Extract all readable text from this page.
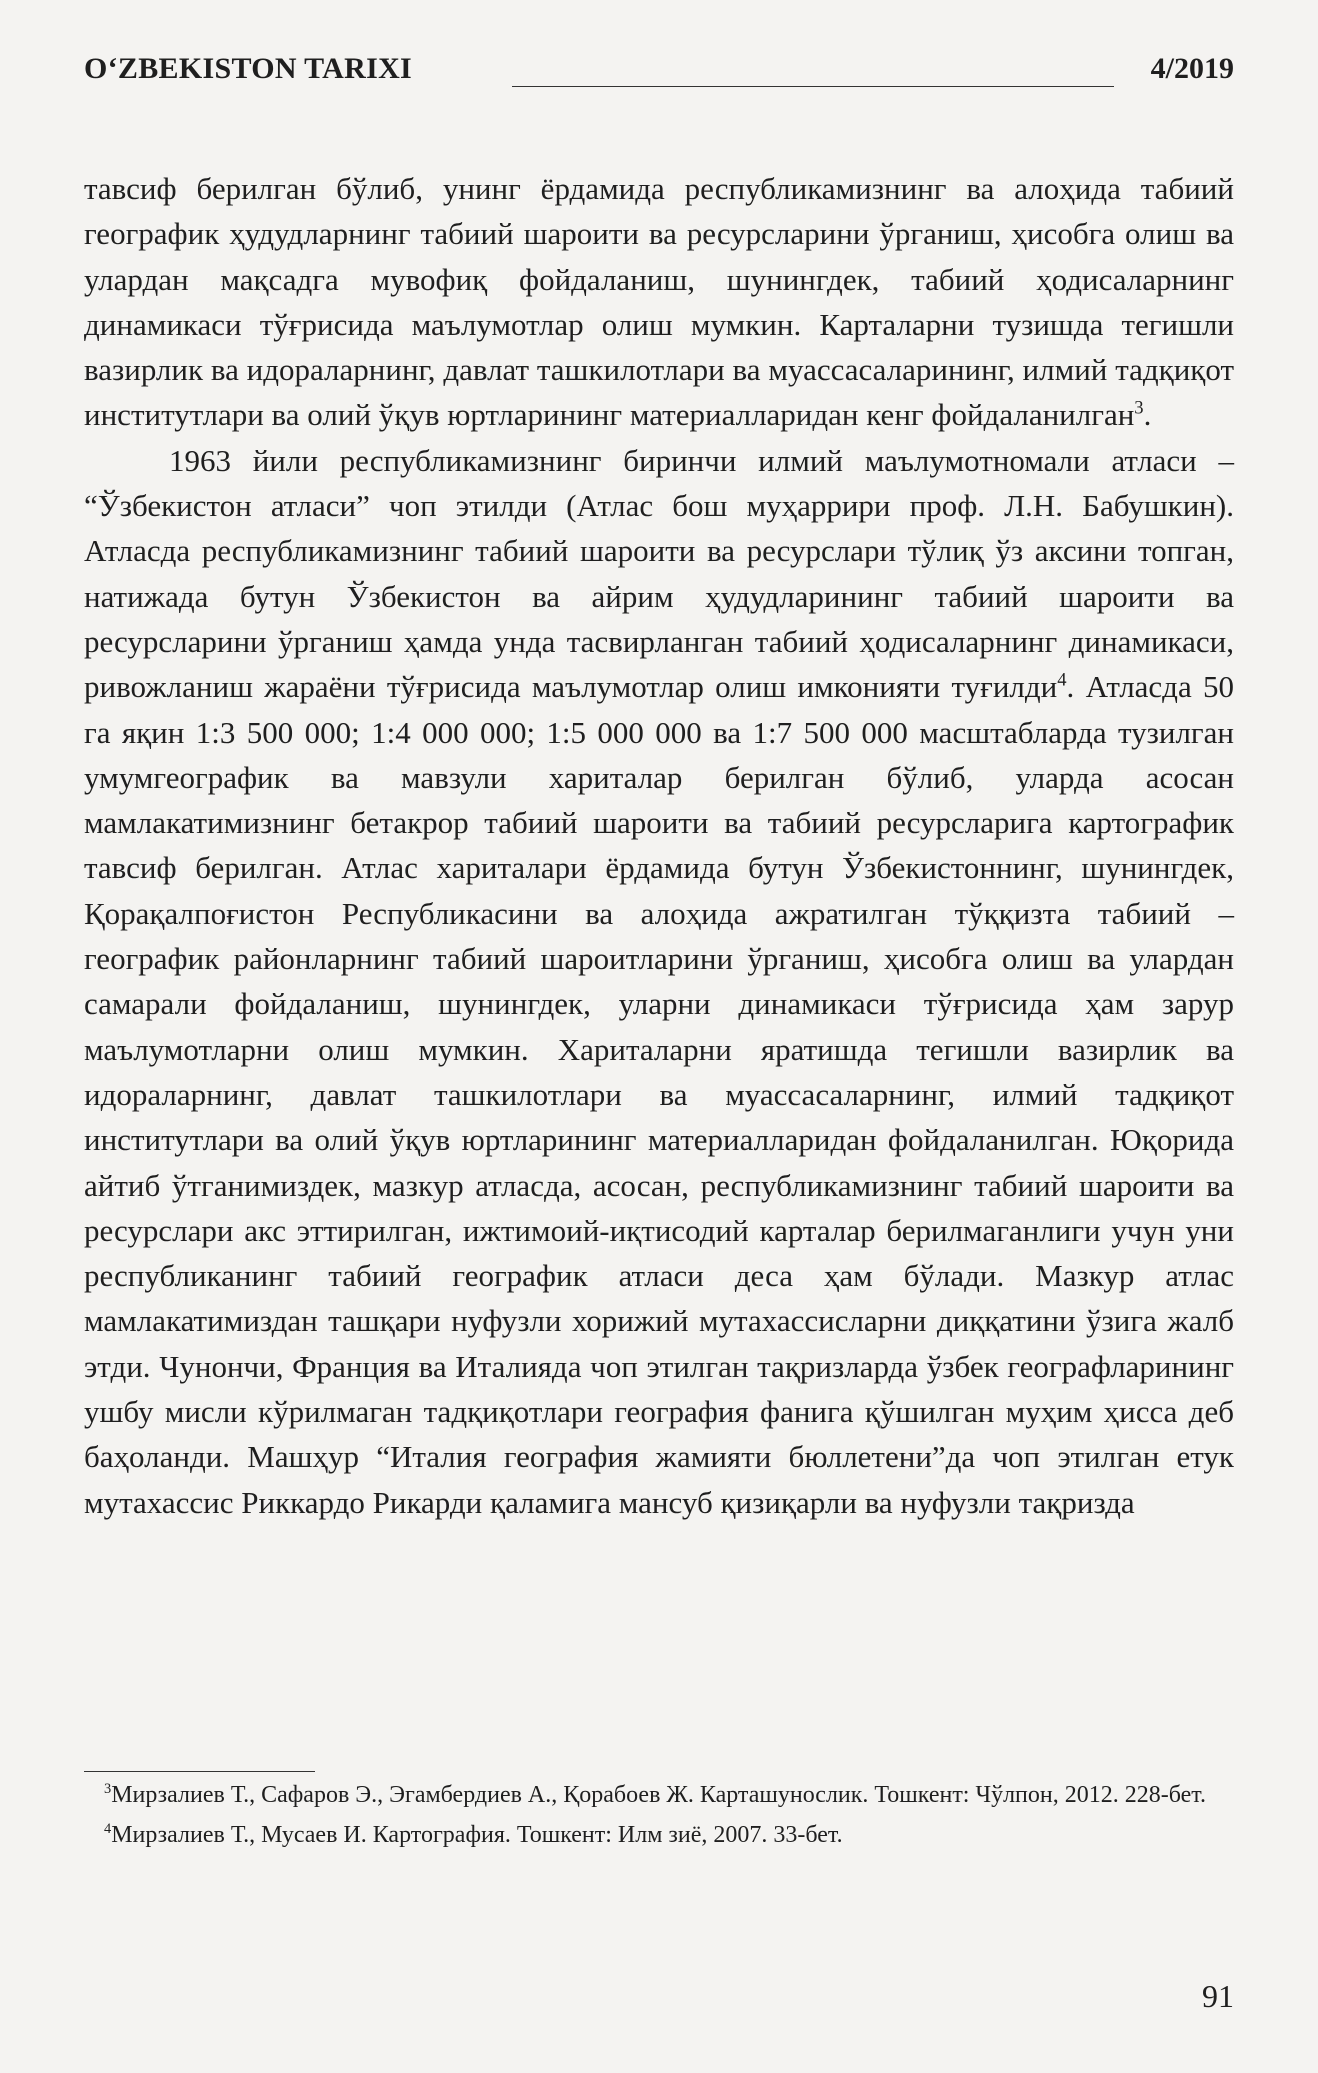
O‘ZBEKISTON TARIXI	4/2019

тавсиф берилган бўлиб, унинг ёрдамида республикамизнинг ва алоҳида табиий географик ҳудудларнинг табиий шароити ва ресурсларини ўрганиш, ҳисобга олиш ва улардан мақсадга мувофиқ фойдаланиш, шунингдек, табиий ҳодисаларнинг динамикаси тўғрисида маълумотлар олиш мумкин. Карталарни тузишда тегишли вазирлик ва идораларнинг, давлат ташкилотлари ва муассасаларининг, илмий тадқиқот институтлари ва олий ўқув юртларининг материалларидан кенг фойдаланилган$^3$.

1963 йили республикамизнинг биринчи илмий маълумотномали атласи – “Ўзбекистон атласи” чоп этилди (Атлас бош муҳаррири проф. Л.Н. Бабушкин). Атласда республикамизнинг табиий шароити ва ресурслари тўлиқ ўз аксини топган, натижада бутун Ўзбекистон ва айрим ҳудудларининг табиий шароити ва ресурсларини ўрганиш ҳамда унда тасвирланган табиий ҳодисаларнинг динамикаси, ривожланиш жараёни тўғрисида маълумотлар олиш имконияти туғилди$^4$. Атласда 50 га яқин 1:3 500 000; 1:4 000 000; 1:5 000 000 ва 1:7 500 000 масштабларда тузилган умумгеографик ва мавзули хариталар берилган бўлиб, уларда асосан мамлакатимизнинг бетакрор табиий шароити ва табиий ресурсларига картографик тавсиф берилган. Атлас хариталари ёрдамида бутун Ўзбекистоннинг, шунингдек, Қорақалпоғистон Республикасини ва алоҳида ажратилган тўққизта табиий – географик районларнинг табиий шароитларини ўрганиш, ҳисобга олиш ва улардан самарали фойдаланиш, шунингдек, уларни динамикаси тўғрисида ҳам зарур маълумотларни олиш мумкин. Хариталарни яратишда тегишли вазирлик ва идораларнинг, давлат ташкилотлари ва муассасаларнинг, илмий тадқиқот институтлари ва олий ўқув юртларининг материалларидан фойдаланилган. Юқорида айтиб ўтганимиздек, мазкур атласда, асосан, республикамизнинг табиий шароити ва ресурслари акс эттирилган, ижтимоий-иқтисодий карталар берилмаганлиги учун уни республиканинг табиий географик атласи деса ҳам бўлади. Мазкур атлас мамлакатимиздан ташқари нуфузли хорижий мутахассисларни диққатини ўзига жалб этди. Чунончи, Франция ва Италияда чоп этилган тақризларда ўзбек географларининг ушбу мисли кўрилмаган тадқиқотлари география фанига қўшилган муҳим ҳисса деб баҳоланди. Машҳур “Италия география жамияти бюллетени”да чоп этилган етук мутахассис Риккардо Рикарди қаламига мансуб қизиқарли ва нуфузли тақризда

$^3$Мирзалиев Т., Сафаров Э., Эгамбердиев А., Қорабоев Ж. Карташунослик. Тошкент: Чўлпон, 2012. 228-бет.

$^4$Мирзалиев Т., Мусаев И. Картография. Тошкент: Илм зиё, 2007. 33-бет.

91
